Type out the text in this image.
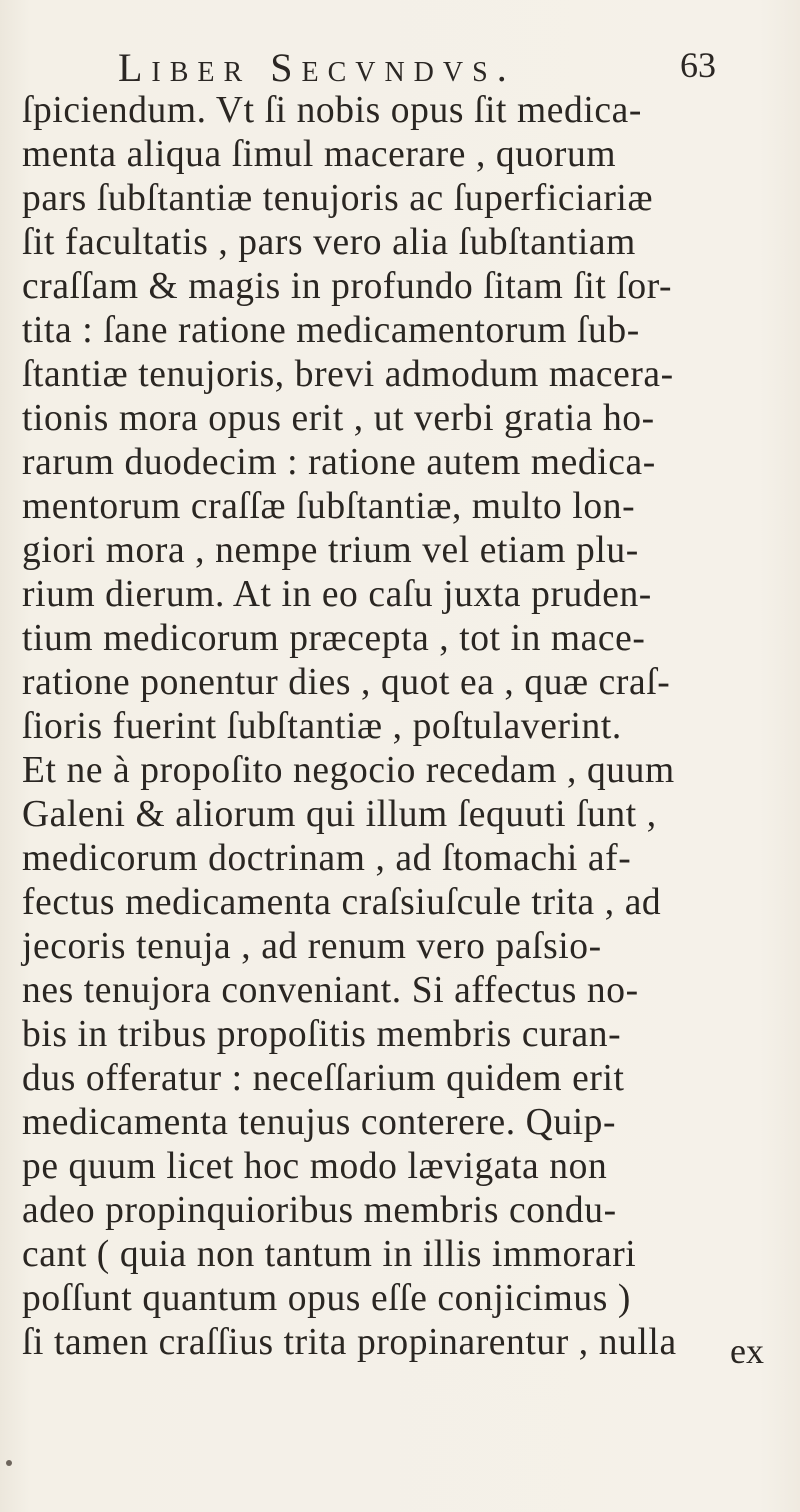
Liber Secvndvs.	63
ſpiciendum. Vt ſi nobis opus ſit medica-
menta aliqua ſimul macerare , quorum
pars ſubſtantiæ tenujoris ac ſuperficiariæ
ſit facultatis , pars vero alia ſubſtantiam
craſſam & magis in profundo ſitam ſit ſor-
tita : ſane ratione medicamentorum ſub-
ſtantiæ tenujoris, brevi admodum macera-
tionis mora opus erit , ut verbi gratia ho-
rarum duodecim : ratione autem medica-
mentorum craſſæ ſubſtantiæ, multo lon-
giori mora , nempe trium vel etiam plu-
rium dierum. At in eo caſu juxta pruden-
tium medicorum præcepta , tot in mace-
ratione ponentur dies , quot ea , quæ craſ-
ſioris fuerint ſubſtantiæ , poſtulaverint.
Et ne à propoſito negocio recedam , quum
Galeni & aliorum qui illum ſequuti ſunt ,
medicorum doctrinam , ad ſtomachi af-
fectus medicamenta craſsiuſcule trita , ad
jecoris tenuja , ad renum vero paſsio-
nes tenujora conveniant. Si affectus no-
bis in tribus propoſitis membris curan-
dus offeratur : neceſſarium quidem erit
medicamenta tenujus conterere. Quip-
pe quum licet hoc modo lævigata non
adeo propinquioribus membris condu-
cant ( quia non tantum in illis immorari
poſſunt quantum opus eſſe conjicimus )
ſi tamen craſſius trita propinarentur , nulla	ex
